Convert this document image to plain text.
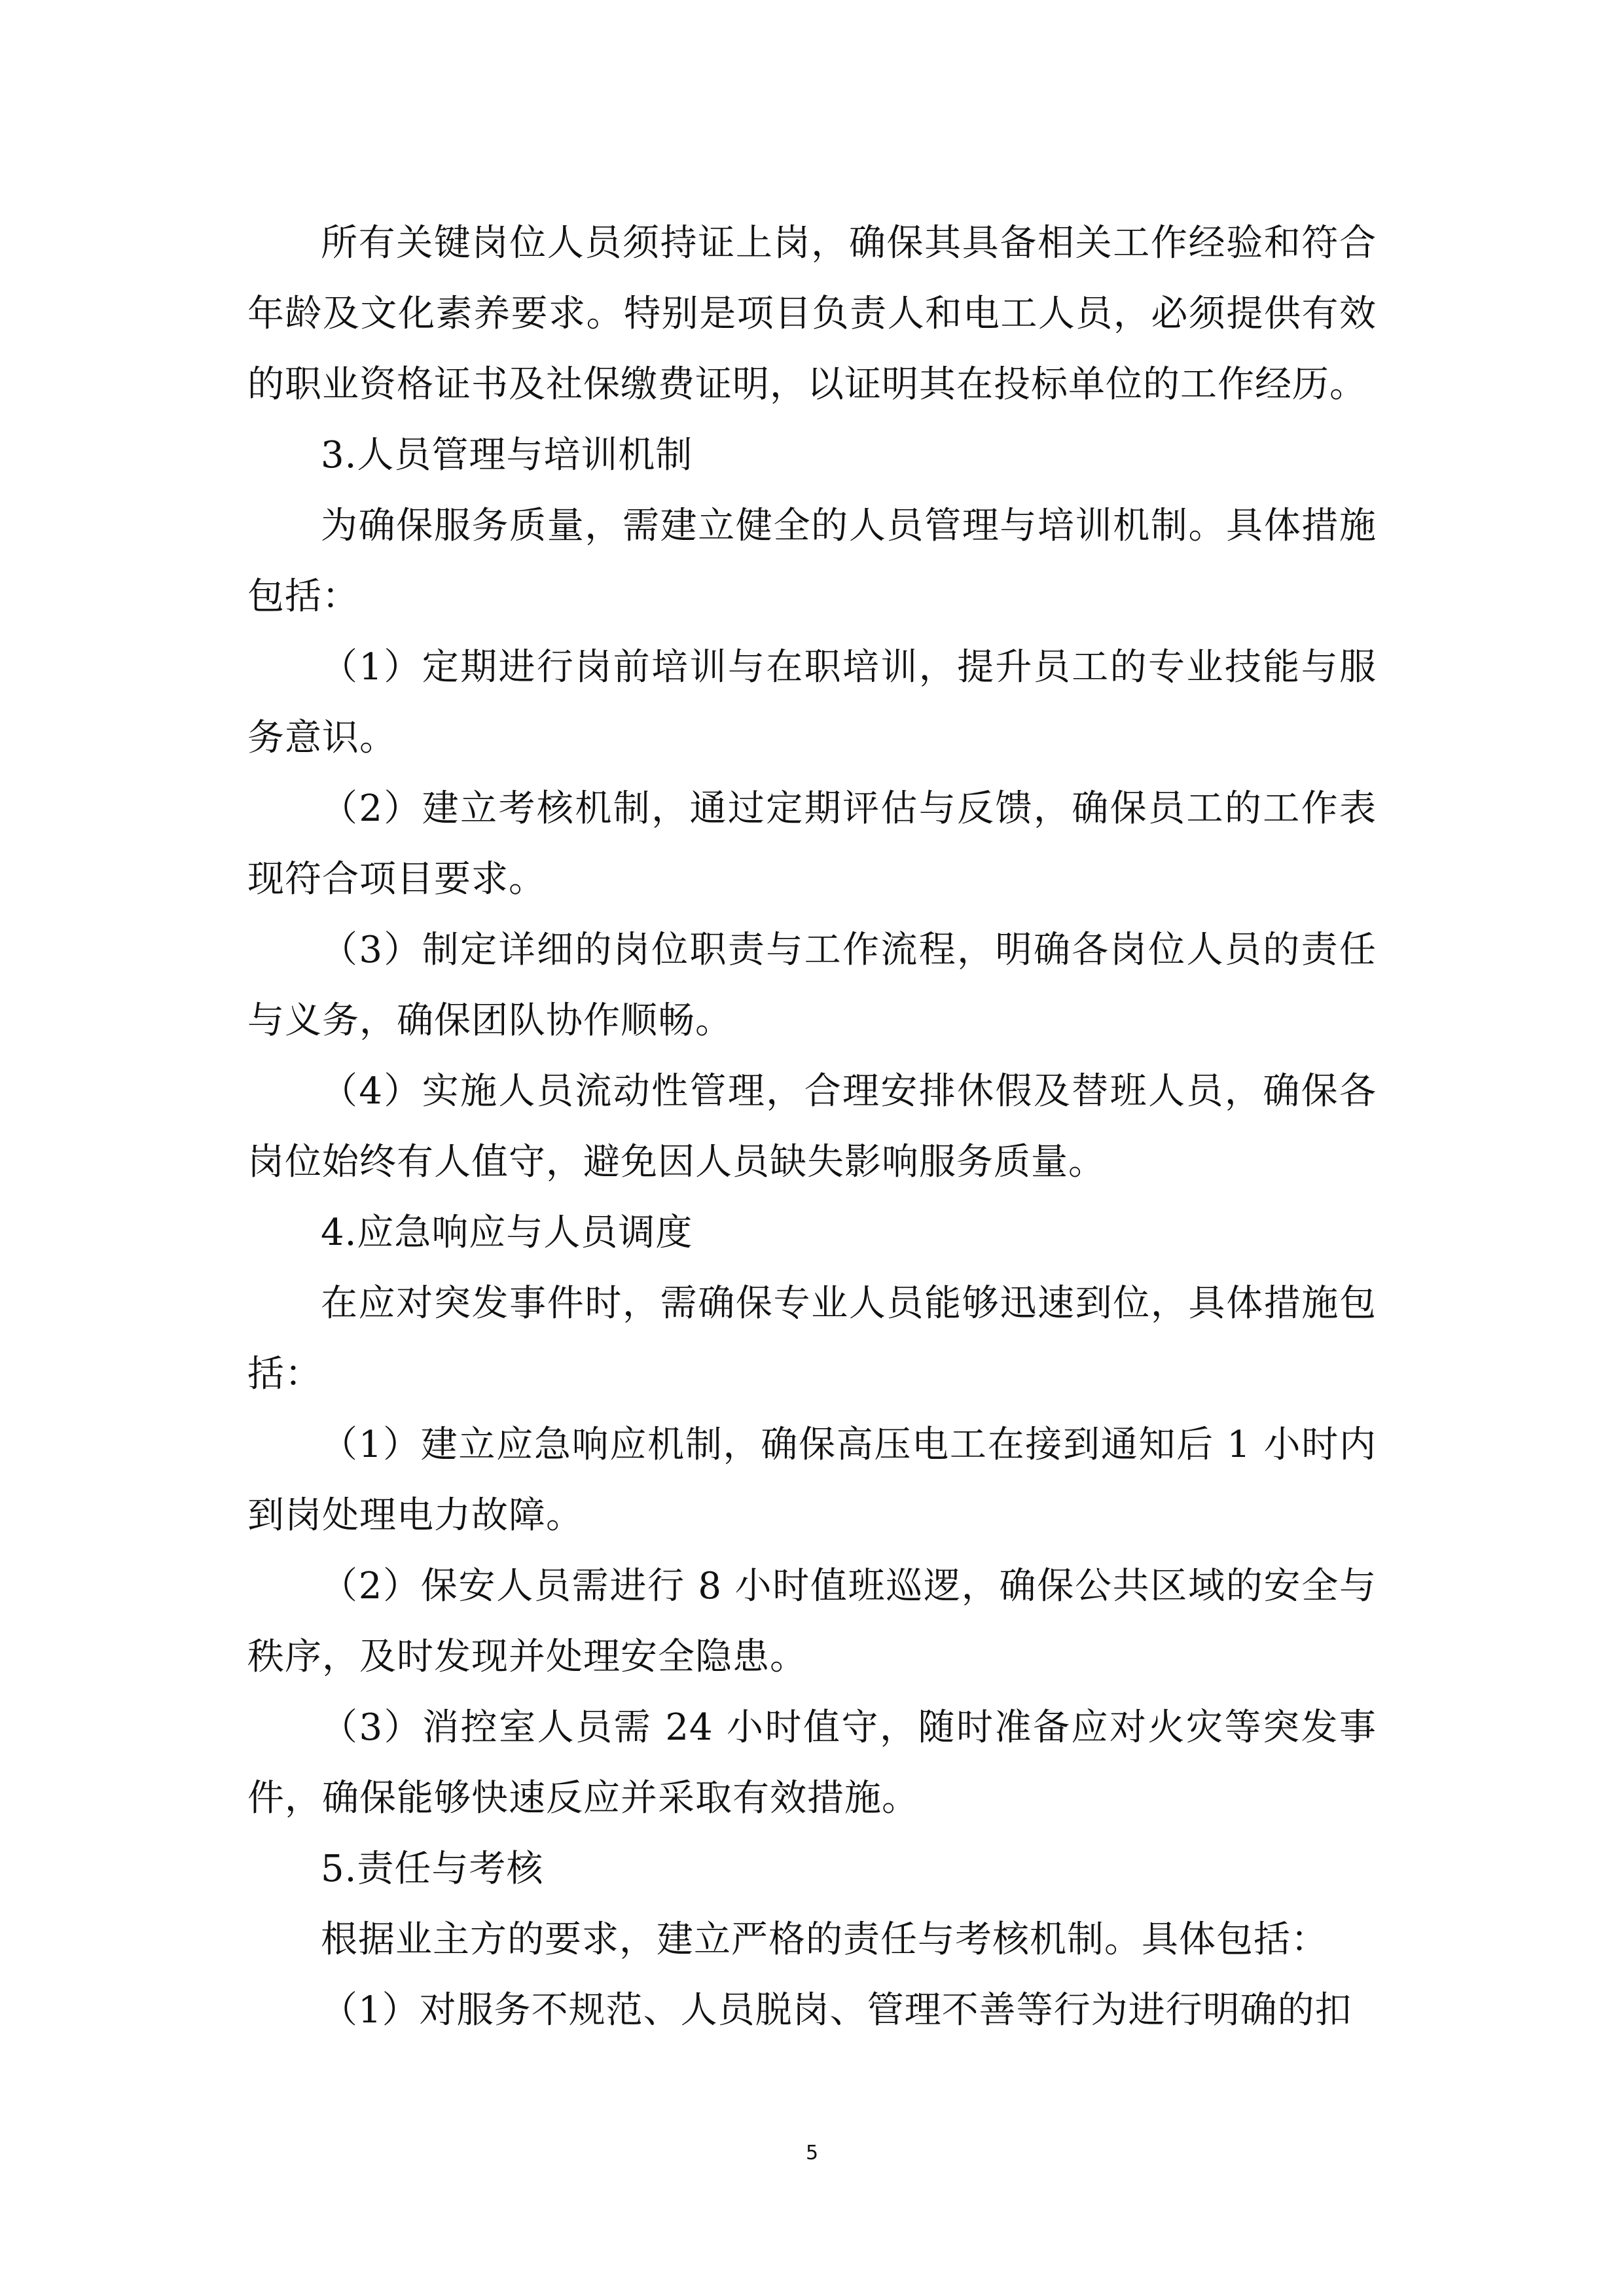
所有关键岗位人员须持证上岗，确保其具备相关工作经验和符合年龄及文化素养要求。特别是项目负责人和电工人员，必须提供有效的职业资格证书及社保缴费证明，以证明其在投标单位的工作经历。

3.人员管理与培训机制

为确保服务质量，需建立健全的人员管理与培训机制。具体措施包括：

（1）定期进行岗前培训与在职培训，提升员工的专业技能与服务意识。

（2）建立考核机制，通过定期评估与反馈，确保员工的工作表现符合项目要求。

（3）制定详细的岗位职责与工作流程，明确各岗位人员的责任与义务，确保团队协作顺畅。

（4）实施人员流动性管理，合理安排休假及替班人员，确保各岗位始终有人值守，避免因人员缺失影响服务质量。

4.应急响应与人员调度

在应对突发事件时，需确保专业人员能够迅速到位，具体措施包括：

（1）建立应急响应机制，确保高压电工在接到通知后 1 小时内到岗处理电力故障。

（2）保安人员需进行 8 小时值班巡逻，确保公共区域的安全与秩序，及时发现并处理安全隐患。

（3）消控室人员需 24 小时值守，随时准备应对火灾等突发事件，确保能够快速反应并采取有效措施。

5.责任与考核

根据业主方的要求，建立严格的责任与考核机制。具体包括：

（1）对服务不规范、人员脱岗、管理不善等行为进行明确的扣

5
